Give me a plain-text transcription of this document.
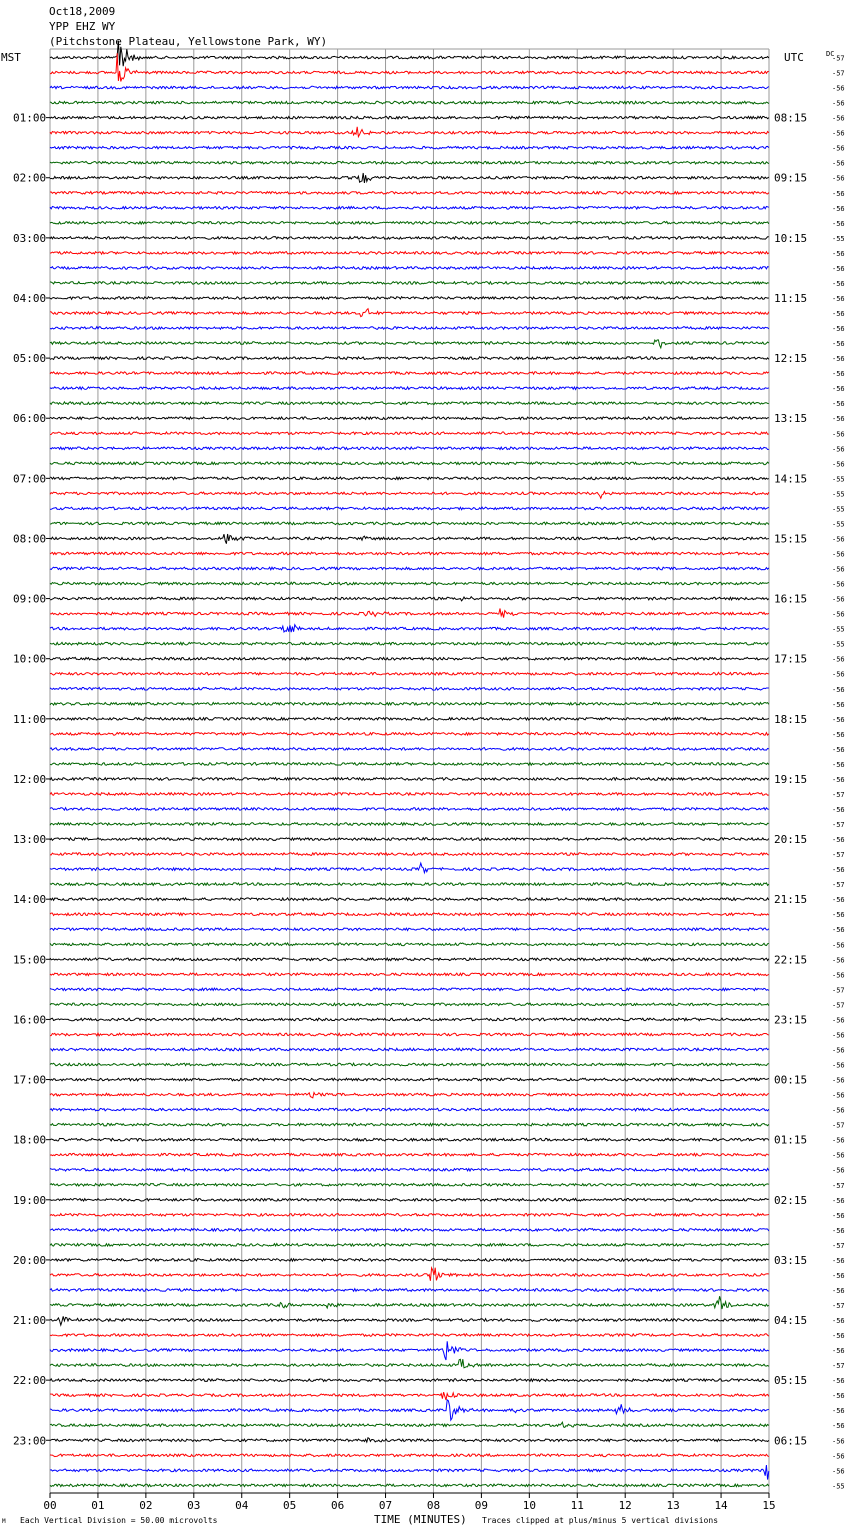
Oct18,2009
YPP EHZ WY
(Pitchstone Plateau, Yellowstone Park, WY)
MST	UTC	DC
01:00
02:00
03:00
04:00
05:00
06:00
07:00
08:00
09:00
10:00
11:00
12:00
13:00
14:00
15:00
16:00
17:00
18:00
19:00
20:00
21:00
22:00
23:00
08:15
09:15
10:15
11:15
12:15
13:15
14:15
15:15
16:15
17:15
18:15
19:15
20:15
21:15
22:15
23:15
00:15
01:15
02:15
03:15
04:15
05:15
06:15
-57
-57
-56
-56
-56
-56
-56
-56
-56
-56
-56
-56
-55
-56
-56
-56
-56
-56
-56
-56
-56
-56
-56
-56
-56
-56
-56
-56
-55
-55
-55
-55
-56
-56
-56
-56
-56
-56
-55
-55
-56
-56
-56
-56
-56
-56
-56
-56
-56
-57
-56
-57
-56
-57
-56
-57
-56
-56
-56
-56
-56
-56
-57
-57
-56
-56
-56
-56
-56
-56
-56
-57
-56
-56
-56
-57
-56
-56
-56
-57
-56
-56
-56
-57
-56
-56
-56
-57
-56
-56
-56
-56
-56
-56
-56
-55
00	01	02	03	04	05	06	07	08	09	10	11	12	13	14	15
M Each Vertical Division = 50.00 microvolts	TIME (MINUTES) Traces clipped at plus/minus 5 vertical divisions
